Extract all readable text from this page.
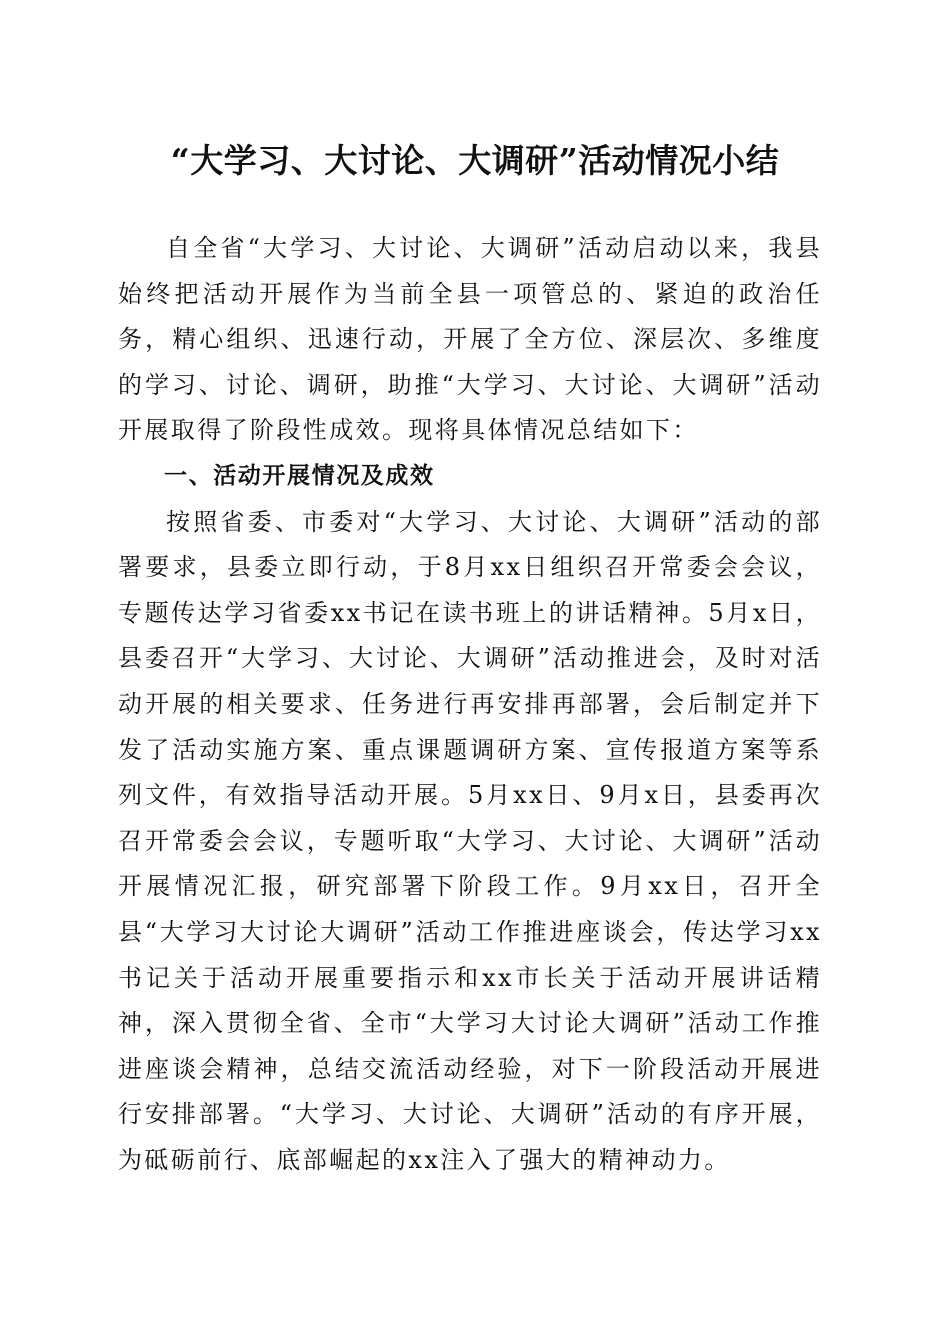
“大学习、大讨论、大调研”活动情况小结

自全省“大学习、大讨论、大调研”活动启动以来，我县始终把活动开展作为当前全县一项管总的、紧迫的政治任务，精心组织、迅速行动，开展了全方位、深层次、多维度的学习、讨论、调研，助推“大学习、大讨论、大调研”活动开展取得了阶段性成效。现将具体情况总结如下：

一、活动开展情况及成效

按照省委、市委对“大学习、大讨论、大调研”活动的部署要求，县委立即行动，于8月xx日组织召开常委会会议，专题传达学习省委xx书记在读书班上的讲话精神。5月x日，县委召开“大学习、大讨论、大调研”活动推进会，及时对活动开展的相关要求、任务进行再安排再部署，会后制定并下发了活动实施方案、重点课题调研方案、宣传报道方案等系列文件，有效指导活动开展。5月xx日、9月x日，县委再次召开常委会会议，专题听取“大学习、大讨论、大调研”活动开展情况汇报，研究部署下阶段工作。9月xx日，召开全县“大学习大讨论大调研”活动工作推进座谈会，传达学习xx书记关于活动开展重要指示和xx市长关于活动开展讲话精神，深入贯彻全省、全市“大学习大讨论大调研”活动工作推进座谈会精神，总结交流活动经验，对下一阶段活动开展进行安排部署。“大学习、大讨论、大调研”活动的有序开展，为砥砺前行、底部崛起的xx注入了强大的精神动力。
